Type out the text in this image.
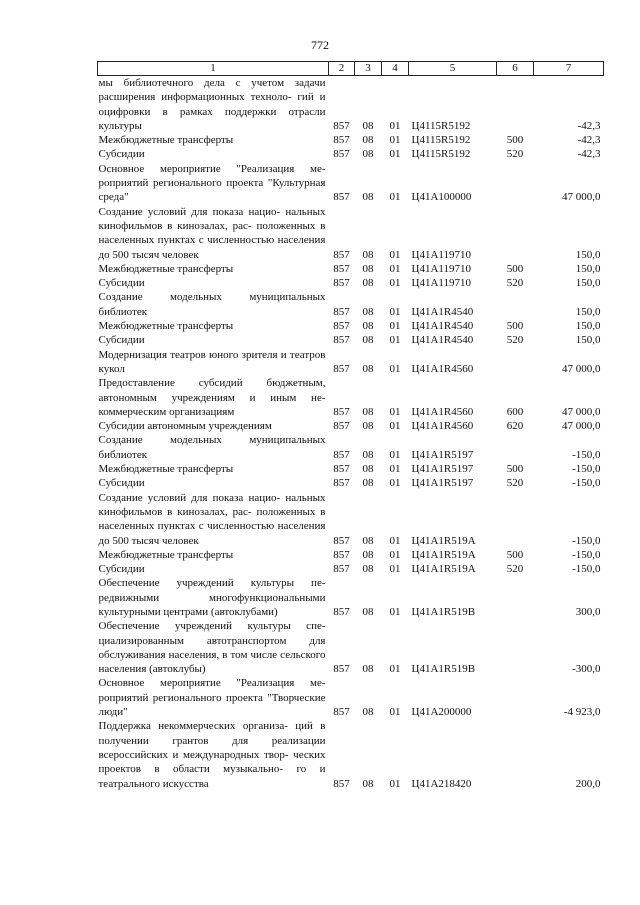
772
1	2	3	4	5	6	7
мы библиотечного дела с учетом задачи расширения информационных техноло- гий и оцифровки в рамках поддержки отрасли культуры	857	08	01	Ц4115R5192		-42,3
Межбюджетные трансферты	857	08	01	Ц4115R5192	500	-42,3
Субсидии	857	08	01	Ц4115R5192	520	-42,3
Основное мероприятие "Реализация ме- роприятий регионального проекта "Культурная среда"	857	08	01	Ц41А100000		47 000,0
Создание условий для показа нацио- нальных кинофильмов в кинозалах, рас- положенных в населенных пунктах с численностью населения до 500 тысяч человек	857	08	01	Ц41А119710		150,0
Межбюджетные трансферты	857	08	01	Ц41А119710	500	150,0
Субсидии	857	08	01	Ц41А119710	520	150,0
Создание модельных муниципальных библиотек	857	08	01	Ц41А1R4540		150,0
Межбюджетные трансферты	857	08	01	Ц41А1R4540	500	150,0
Субсидии	857	08	01	Ц41А1R4540	520	150,0
Модернизация театров юного зрителя и театров кукол	857	08	01	Ц41А1R4560		47 000,0
Предоставление субсидий бюджетным, автономным учреждениям и иным не- коммерческим организациям	857	08	01	Ц41А1R4560	600	47 000,0
Субсидии автономным учреждениям	857	08	01	Ц41А1R4560	620	47 000,0
Создание модельных муниципальных библиотек	857	08	01	Ц41А1R5197		-150,0
Межбюджетные трансферты	857	08	01	Ц41А1R5197	500	-150,0
Субсидии	857	08	01	Ц41А1R5197	520	-150,0
Создание условий для показа нацио- нальных кинофильмов в кинозалах, рас- положенных в населенных пунктах с численностью населения до 500 тысяч человек	857	08	01	Ц41А1R519А		-150,0
Межбюджетные трансферты	857	08	01	Ц41А1R519А	500	-150,0
Субсидии	857	08	01	Ц41А1R519А	520	-150,0
Обеспечение учреждений культуры пе- редвижными многофункциональными культурными центрами (автоклубами)	857	08	01	Ц41А1R519В		300,0
Обеспечение учреждений культуры спе- циализированным автотранспортом для обслуживания населения, в том числе сельского населения (автоклубы)	857	08	01	Ц41А1R519В		-300,0
Основное мероприятие "Реализация ме- роприятий регионального проекта "Творческие люди"	857	08	01	Ц41А200000		-4 923,0
Поддержка некоммерческих организа- ций в получении грантов для реализации всероссийских и международных твор- ческих проектов в области музыкально- го и театрального искусства	857	08	01	Ц41А218420		200,0
